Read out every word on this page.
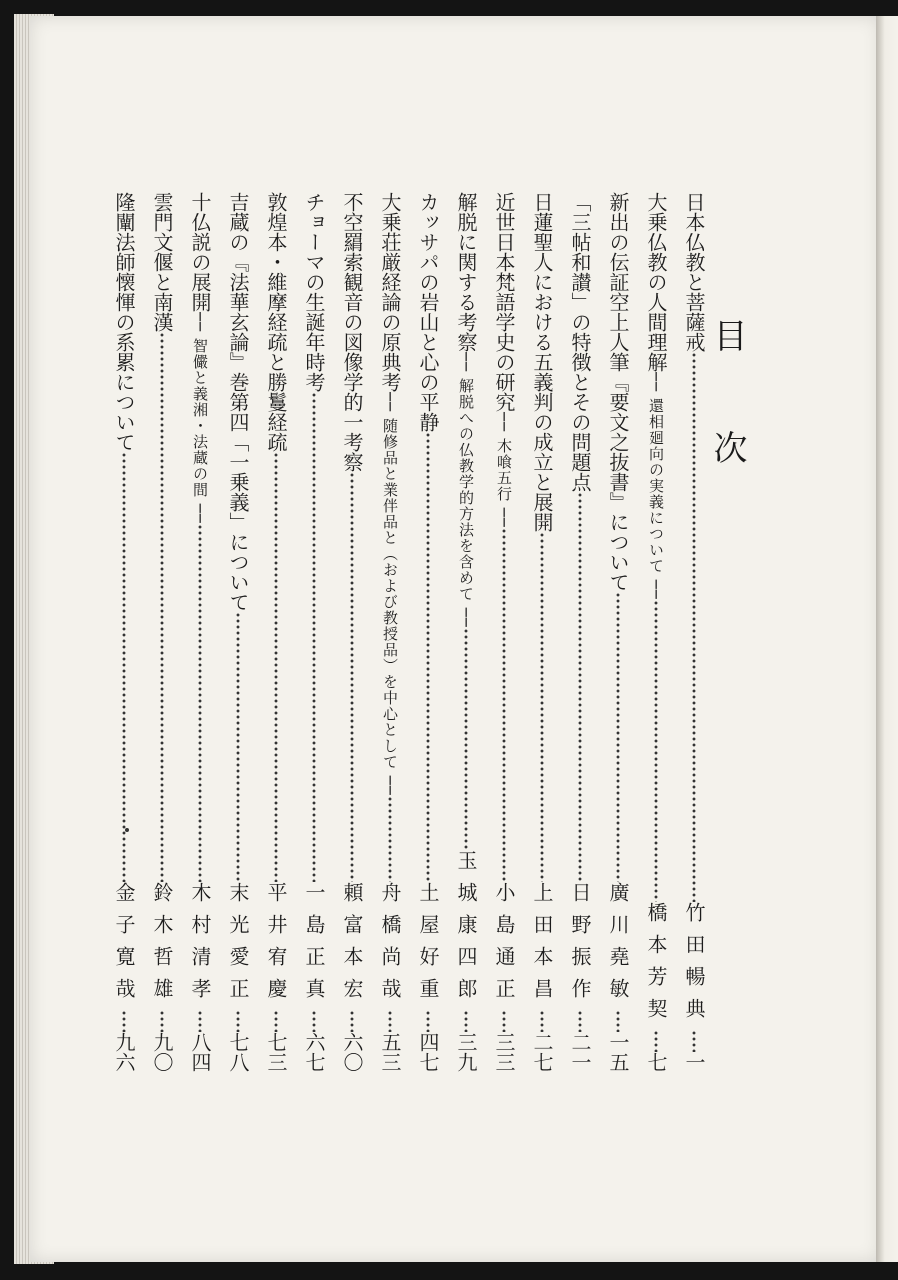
目次
日本仏教と菩薩戒
竹田暢典
一
大乗仏教の人間理解
── 還相廻向の実義について ──
橋本芳契
七
新出の伝証空上人筆『要文之抜書』について
廣川堯敏
一五
「三帖和讃」の特徴とその問題点
日野振作
二一
日蓮聖人における五義判の成立と展開
上田本昌
二七
近世日本梵語学史の研究
── 木喰五行 ──
小島通正
三三
解脱に関する考察
── 解脱への仏教学的方法を含めて ──
玉城康四郎
三九
カッサパの岩山と心の平静
土屋好重
四七
大乗荘厳経論の原典考
── 随修品と業伴品と（および教授品）を中心として ──
舟橋尚哉
五三
不空羂索観音の図像学的一考察
頼富本宏
六〇
チョーマの生誕年時考
一島正真
六七
敦煌本・維摩経疏と勝鬘経疏
平井宥慶
七三
吉蔵の『法華玄論』巻第四「一乗義」について
末光愛正
七八
十仏説の展開
── 智儼と義湘・法蔵の間 ──
木村清孝
八四
雲門文偃と南漢
鈴木哲雄
九〇
隆闡法師懐惲の系累について
金子寛哉
九六
